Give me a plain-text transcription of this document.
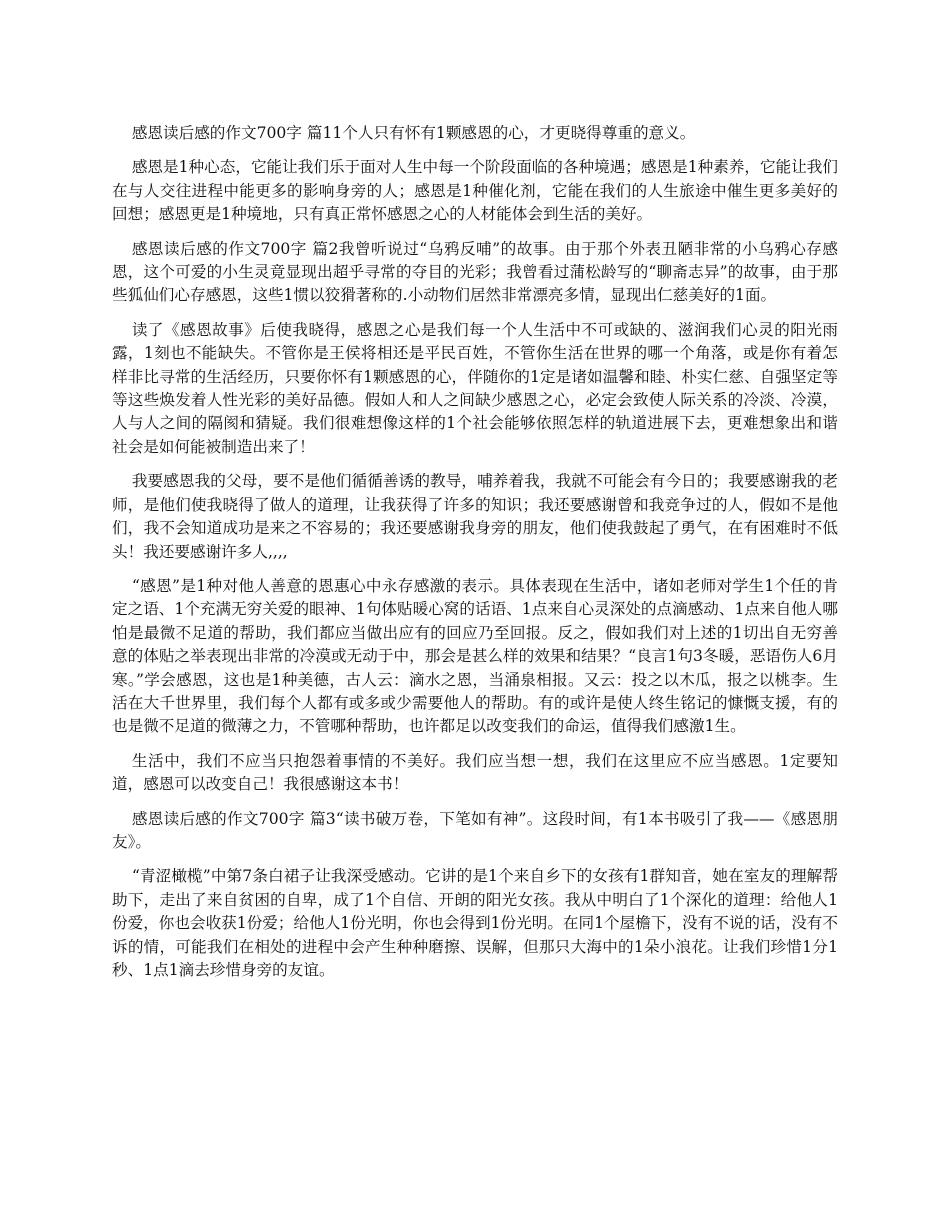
感恩读后感的作文700字 篇11个人只有怀有1颗感恩的心，才更晓得尊重的意义。

感恩是1种心态，它能让我们乐于面对人生中每一个阶段面临的各种境遇；感恩是1种素养，它能让我们在与人交往进程中能更多的影响身旁的人；感恩是1种催化剂，它能在我们的人生旅途中催生更多美好的回想；感恩更是1种境地，只有真正常怀感恩之心的人材能体会到生活的美好。

感恩读后感的作文700字 篇2我曾听说过“乌鸦反哺”的故事。由于那个外表丑陋非常的小乌鸦心存感恩，这个可爱的小生灵竟显现出超乎寻常的夺目的光彩；我曾看过蒲松龄写的“聊斋志异”的故事，由于那些狐仙们心存感恩，这些1惯以狡猾著称的.小动物们居然非常漂亮多情，显现出仁慈美好的1面。

读了《感恩故事》后使我晓得，感恩之心是我们每一个人生活中不可或缺的、滋润我们心灵的阳光雨露，1刻也不能缺失。不管你是王侯将相还是平民百姓，不管你生活在世界的哪一个角落，或是你有着怎样非比寻常的生活经历，只要你怀有1颗感恩的心，伴随你的1定是诸如温馨和睦、朴实仁慈、自强坚定等等这些焕发着人性光彩的美好品德。假如人和人之间缺少感恩之心，必定会致使人际关系的冷淡、冷漠，人与人之间的隔阂和猜疑。我们很难想像这样的1个社会能够依照怎样的轨道进展下去，更难想象出和谐社会是如何能被制造出来了！

我要感恩我的父母，要不是他们循循善诱的教导，哺养着我，我就不可能会有今日的；我要感谢我的老师，是他们使我晓得了做人的道理，让我获得了许多的知识；我还要感谢曾和我竞争过的人，假如不是他们，我不会知道成功是来之不容易的；我还要感谢我身旁的朋友，他们使我鼓起了勇气，在有困难时不低头！我还要感谢许多人,,,,

“感恩”是1种对他人善意的恩惠心中永存感激的表示。具体表现在生活中，诸如老师对学生1个任的肯定之语、1个充满无穷关爱的眼神、1句体贴暖心窝的话语、1点来自心灵深处的点滴感动、1点来自他人哪怕是最微不足道的帮助，我们都应当做出应有的回应乃至回报。反之，假如我们对上述的1切出自无穷善意的体贴之举表现出非常的冷漠或无动于中，那会是甚么样的效果和结果？“良言1句3冬暖，恶语伤人6月寒。”学会感恩，这也是1种美德，古人云：滴水之恩，当涌泉相报。又云：投之以木瓜，报之以桃李。生活在大千世界里，我们每个人都有或多或少需要他人的帮助。有的或许是使人终生铭记的慷慨支援，有的也是微不足道的微薄之力，不管哪种帮助，也许都足以改变我们的命运，值得我们感激1生。

生活中，我们不应当只抱怨着事情的不美好。我们应当想一想，我们在这里应不应当感恩。1定要知道，感恩可以改变自己！我很感谢这本书！

感恩读后感的作文700字 篇3“读书破万卷，下笔如有神”。这段时间，有1本书吸引了我——《感恩朋友》。

“青涩橄榄”中第7条白裙子让我深受感动。它讲的是1个来自乡下的女孩有1群知音，她在室友的理解帮助下，走出了来自贫困的自卑，成了1个自信、开朗的阳光女孩。我从中明白了1个深化的道理：给他人1份爱，你也会收获1份爱；给他人1份光明，你也会得到1份光明。在同1个屋檐下，没有不说的话，没有不诉的情，可能我们在相处的进程中会产生种种磨擦、误解，但那只大海中的1朵小浪花。让我们珍惜1分1秒、1点1滴去珍惜身旁的友谊。
